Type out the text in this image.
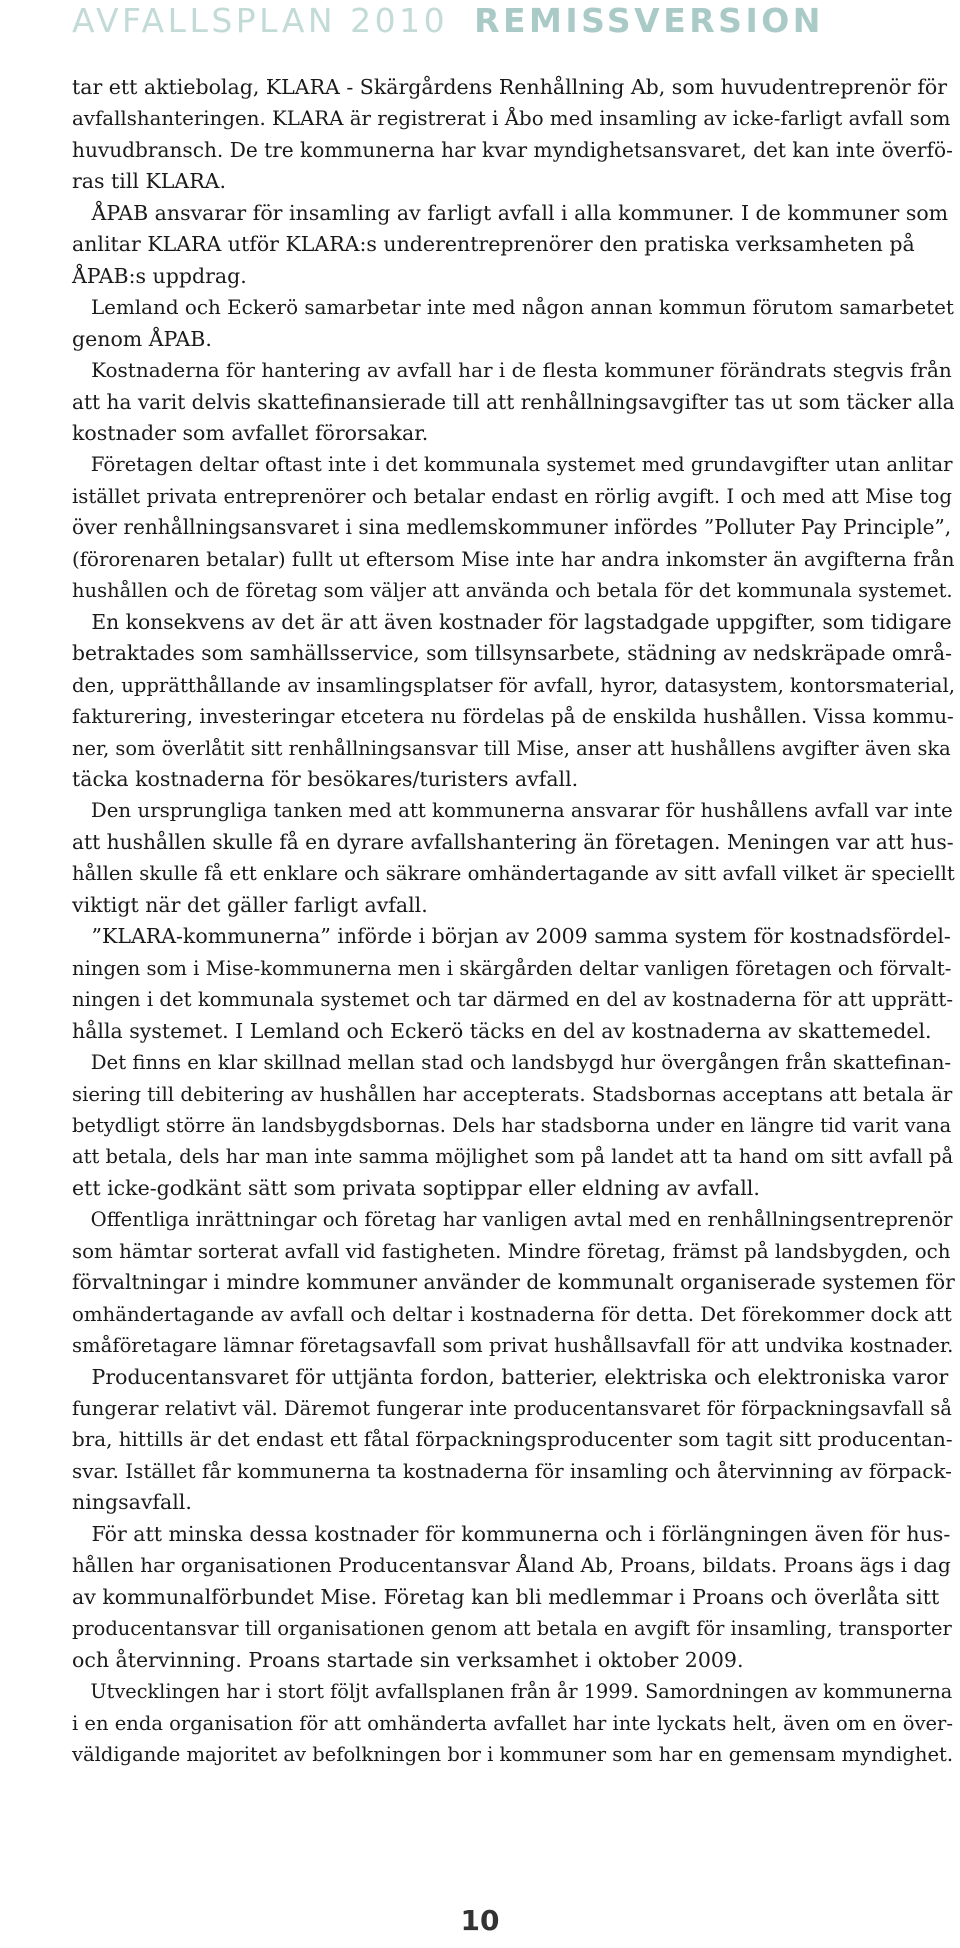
AVFALLSPLAN 2010 REMISSVERSION

tar ett aktiebolag, KLARA - Skärgårdens Renhållning Ab, som huvudentreprenör för

avfallshanteringen. KLARA är registrerat i Åbo med insamling av icke-farligt avfall som

huvudbransch. De tre kommunerna har kvar myndighetsansvaret, det kan inte överfö-

ras till KLARA.

ÅPAB ansvarar för insamling av farligt avfall i alla kommuner. I de kommuner som

anlitar KLARA utför KLARA:s underentreprenörer den pratiska verksamheten på

ÅPAB:s uppdrag.

Lemland och Eckerö samarbetar inte med någon annan kommun förutom samarbetet

genom ÅPAB.

Kostnaderna för hantering av avfall har i de flesta kommuner förändrats stegvis från

att ha varit delvis skattefinansierade till att renhållningsavgifter tas ut som täcker alla

kostnader som avfallet förorsakar.

Företagen deltar oftast inte i det kommunala systemet med grundavgifter utan anlitar

istället privata entreprenörer och betalar endast en rörlig avgift. I och med att Mise tog

över renhållningsansvaret i sina medlemskommuner infördes ”Polluter Pay Principle”,

(förorenaren betalar) fullt ut eftersom Mise inte har andra inkomster än avgifterna från

hushållen och de företag som väljer att använda och betala för det kommunala systemet.

En konsekvens av det är att även kostnader för lagstadgade uppgifter, som tidigare

betraktades som samhällsservice, som tillsynsarbete, städning av nedskräpade områ-

den, upprätthållande av insamlingsplatser för avfall, hyror, datasystem, kontorsmaterial,

fakturering, investeringar etcetera nu fördelas på de enskilda hushållen. Vissa kommu-

ner, som överlåtit sitt renhållningsansvar till Mise, anser att hushållens avgifter även ska

täcka kostnaderna för besökares/turisters avfall.

Den ursprungliga tanken med att kommunerna ansvarar för hushållens avfall var inte

att hushållen skulle få en dyrare avfallshantering än företagen. Meningen var att hus-

hållen skulle få ett enklare och säkrare omhändertagande av sitt avfall vilket är speciellt

viktigt när det gäller farligt avfall.

”KLARA-kommunerna” införde i början av 2009 samma system för kostnadsfördel-

ningen som i Mise-kommunerna men i skärgården deltar vanligen företagen och förvalt-

ningen i det kommunala systemet och tar därmed en del av kostnaderna för att upprätt-

hålla systemet. I Lemland och Eckerö täcks en del av kostnaderna av skattemedel.

Det finns en klar skillnad mellan stad och landsbygd hur övergången från skattefinan-

siering till debitering av hushållen har accepterats. Stadsbornas acceptans att betala är

betydligt större än landsbygdsbornas. Dels har stadsborna under en längre tid varit vana

att betala, dels har man inte samma möjlighet som på landet att ta hand om sitt avfall på

ett icke-godkänt sätt som privata soptippar eller eldning av avfall.

Offentliga inrättningar och företag har vanligen avtal med en renhållningsentreprenör

som hämtar sorterat avfall vid fastigheten. Mindre företag, främst på landsbygden, och

förvaltningar i mindre kommuner använder de kommunalt organiserade systemen för

omhändertagande av avfall och deltar i kostnaderna för detta. Det förekommer dock att

småföretagare lämnar företagsavfall som privat hushållsavfall för att undvika kostnader.

Producentansvaret för uttjänta fordon, batterier, elektriska och elektroniska varor

fungerar relativt väl. Däremot fungerar inte producentansvaret för förpackningsavfall så

bra, hittills är det endast ett fåtal förpackningsproducenter som tagit sitt producentan-

svar. Istället får kommunerna ta kostnaderna för insamling och återvinning av förpack-

ningsavfall.

För att minska dessa kostnader för kommunerna och i förlängningen även för hus-

hållen har organisationen Producentansvar Åland Ab, Proans, bildats. Proans ägs i dag

av kommunalförbundet Mise. Företag kan bli medlemmar i Proans och överlåta sitt

producentansvar till organisationen genom att betala en avgift för insamling, transporter

och återvinning. Proans startade sin verksamhet i oktober 2009.

Utvecklingen har i stort följt avfallsplanen från år 1999. Samordningen av kommunerna

i en enda organisation för att omhänderta avfallet har inte lyckats helt, även om en över-

väldigande majoritet av befolkningen bor i kommuner som har en gemensam myndighet.

10
